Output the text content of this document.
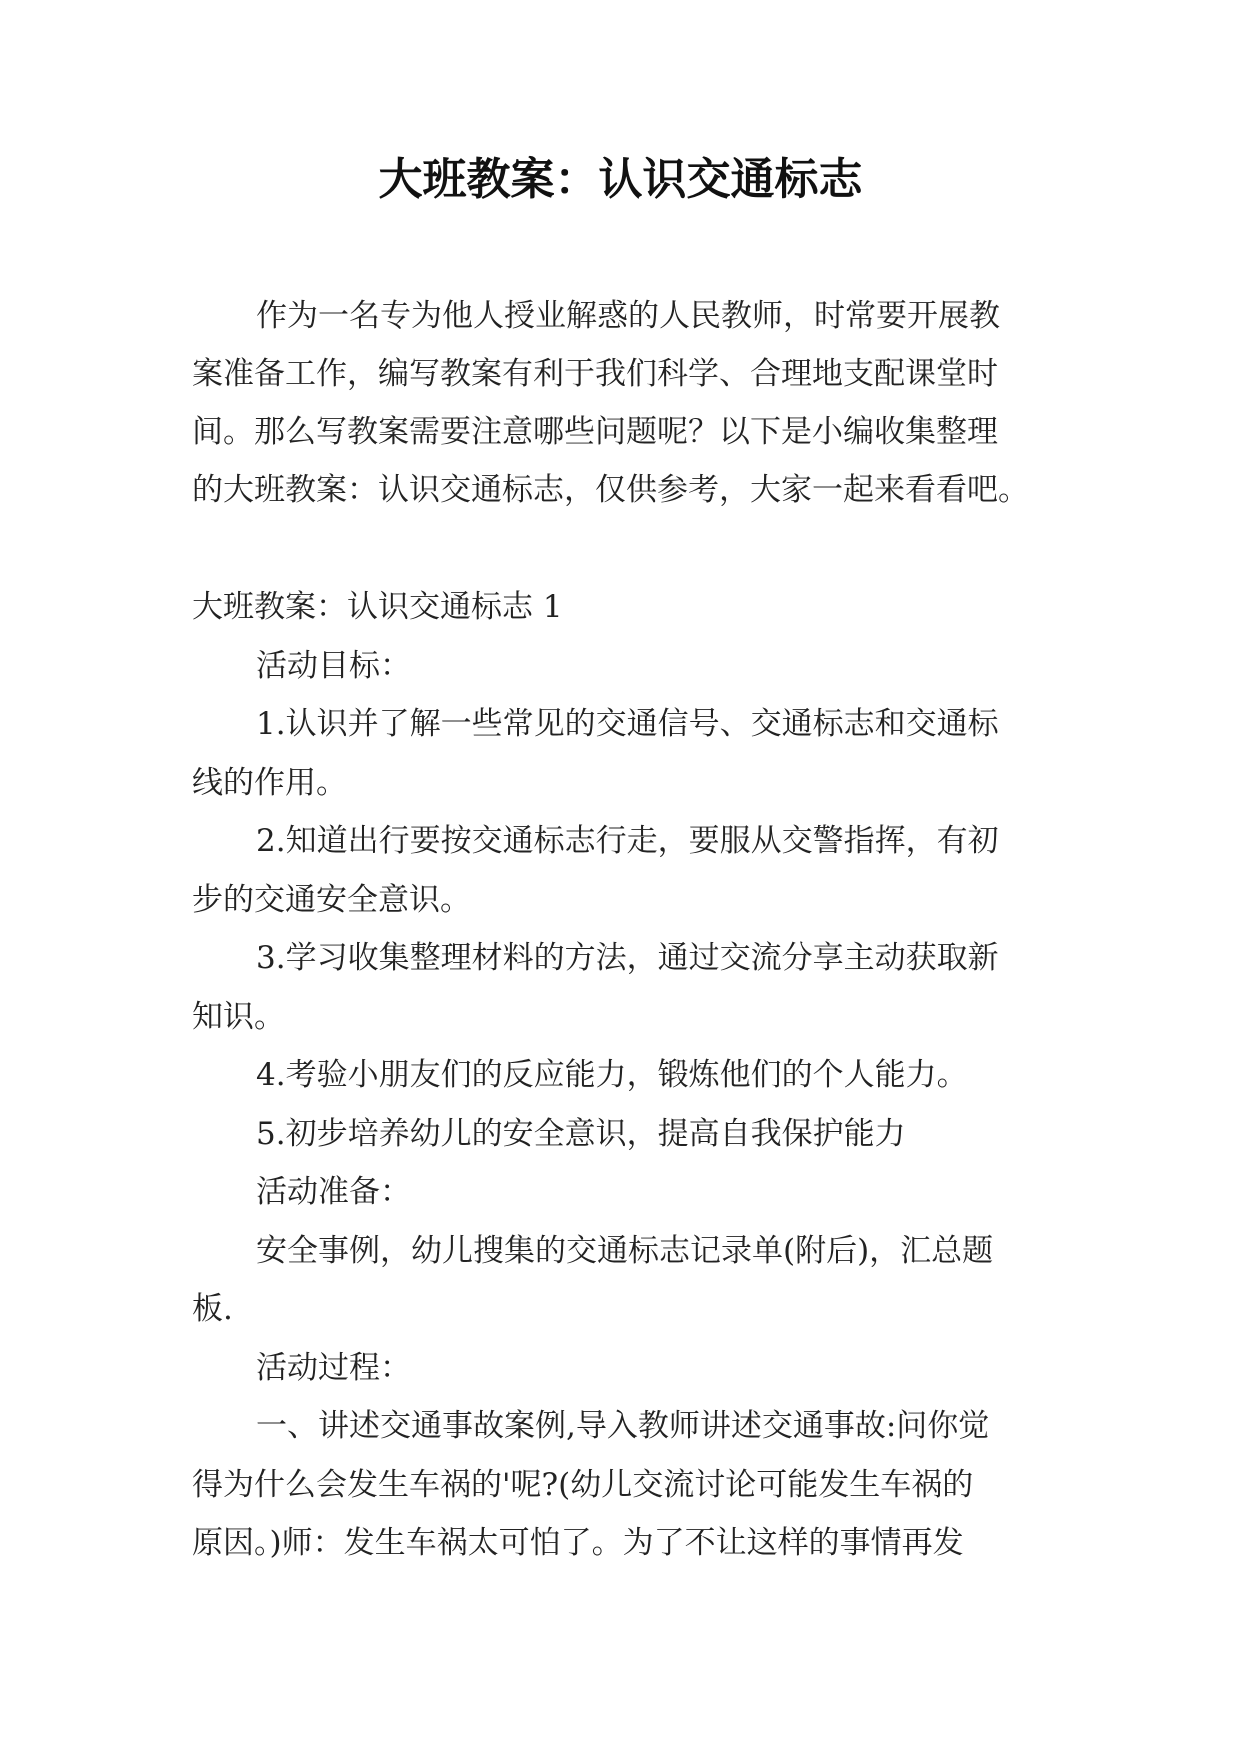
大班教案：认识交通标志
作为一名专为他人授业解惑的人民教师，时常要开展教
案准备工作，编写教案有利于我们科学、合理地支配课堂时
间。那么写教案需要注意哪些问题呢？以下是小编收集整理
的大班教案：认识交通标志，仅供参考，大家一起来看看吧。
大班教案：认识交通标志 1
活动目标：
1.认识并了解一些常见的交通信号、交通标志和交通标
线的作用。
2.知道出行要按交通标志行走，要服从交警指挥，有初
步的交通安全意识。
3.学习收集整理材料的方法，通过交流分享主动获取新
知识。
4.考验小朋友们的反应能力，锻炼他们的个人能力。
5.初步培养幼儿的安全意识，提高自我保护能力
活动准备：
安全事例，幼儿搜集的交通标志记录单(附后)，汇总题
板.
活动过程：
一、讲述交通事故案例,导入教师讲述交通事故:问你觉
得为什么会发生车祸的'呢?(幼儿交流讨论可能发生车祸的
原因。)师：发生车祸太可怕了。为了不让这样的事情再发
